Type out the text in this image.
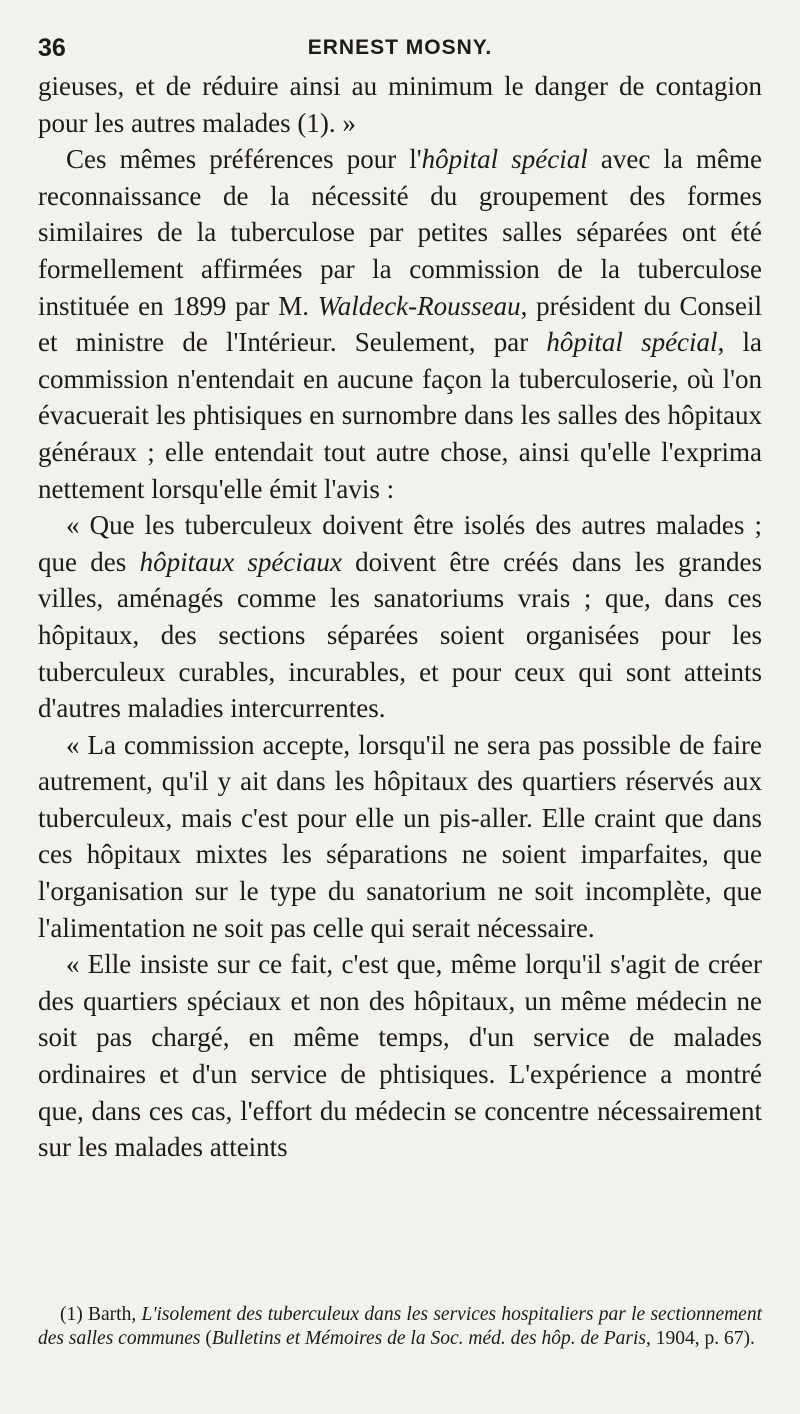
36	ERNEST MOSNY.

gieuses, et de réduire ainsi au minimum le danger de contagion pour les autres malades (1). »

Ces mêmes préférences pour l'hôpital spécial avec la même reconnaissance de la nécessité du groupement des formes similaires de la tuberculose par petites salles séparées ont été formellement affirmées par la commission de la tuberculose instituée en 1899 par M. Waldeck-Rousseau, président du Conseil et ministre de l'Intérieur. Seulement, par hôpital spécial, la commission n'entendait en aucune façon la tuberculoserie, où l'on évacuerait les phtisiques en surnombre dans les salles des hôpitaux généraux ; elle entendait tout autre chose, ainsi qu'elle l'exprima nettement lorsqu'elle émit l'avis :

« Que les tuberculeux doivent être isolés des autres malades ; que des hôpitaux spéciaux doivent être créés dans les grandes villes, aménagés comme les sanatoriums vrais ; que, dans ces hôpitaux, des sections séparées soient organisées pour les tuberculeux curables, incurables, et pour ceux qui sont atteints d'autres maladies intercurrentes.

« La commission accepte, lorsqu'il ne sera pas possible de faire autrement, qu'il y ait dans les hôpitaux des quartiers réservés aux tuberculeux, mais c'est pour elle un pis-aller. Elle craint que dans ces hôpitaux mixtes les séparations ne soient imparfaites, que l'organisation sur le type du sanatorium ne soit incomplète, que l'alimentation ne soit pas celle qui serait nécessaire.

« Elle insiste sur ce fait, c'est que, même lorqu'il s'agit de créer des quartiers spéciaux et non des hôpitaux, un même médecin ne soit pas chargé, en même temps, d'un service de malades ordinaires et d'un service de phtisiques. L'expérience a montré que, dans ces cas, l'effort du médecin se concentre nécessairement sur les malades atteints

(1) Barth, L'isolement des tuberculeux dans les services hospitaliers par le sectionnement des salles communes (Bulletins et Mémoires de la Soc. méd. des hôp. de Paris, 1904, p. 67).
